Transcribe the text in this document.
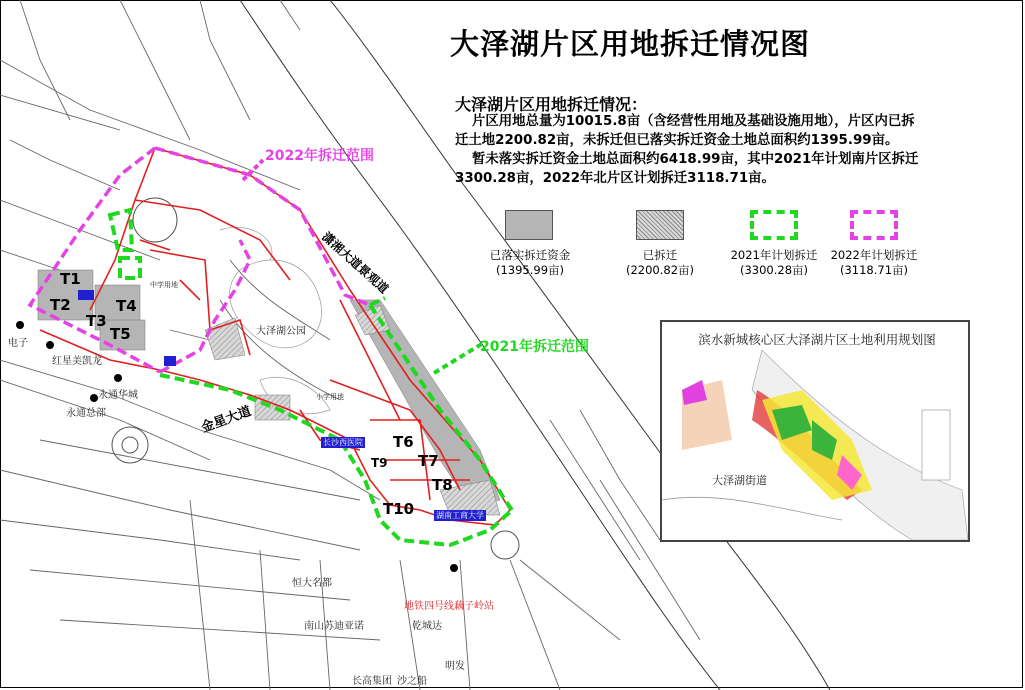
大泽湖片区用地拆迁情况图
大泽湖片区用地拆迁情况：
片区用地总量为10015.8亩（含经营性用地及基础设施用地），片区内已拆
迁土地2200.82亩，未拆迁但已落实拆迁资金土地总面积约1395.99亩。
暂未落实拆迁资金土地总面积约6418.99亩，其中2021年计划南片区拆迁
3300.28亩，2022年北片区计划拆迁3118.71亩。
已落实拆迁资金
(1395.99亩)
已拆迁
(2200.82亩)
2021年计划拆迁
(3300.28亩)
2022年计划拆迁
(3118.71亩)
2022年拆迁范围
2021年拆迁范围
T1
T2
T3
T4
T5
T6
T7
T8
T9
T10
潇湘大道景观道
金星大道
大泽湖公园
恒大名都
地铁四号线藕子岭站
长沙西医院
红星美凯龙
永通总部
永通华城
电子
乾城达
明发
长高集团 沙之船
南山苏迪亚诺
小学用地
中学用地
湖南工商大学
滨水新城核心区大泽湖片区土地利用规划图
大泽湖街道
